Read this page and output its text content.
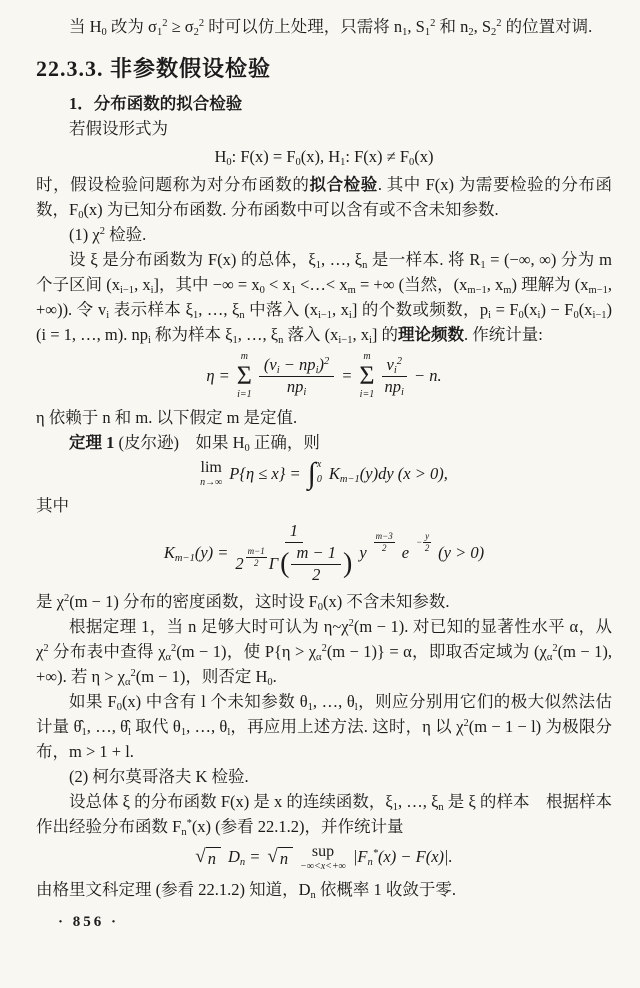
当 $H_0$ 改为 $\sigma_1^2 \ge \sigma_2^2$ 时可以仿上处理，只需将 $n_1$, $S_1^2$ 和 $n_2$, $S_2^2$ 的位置对调.

22.3.3. 非参数假设检验

1．分布函数的拟合检验

若假设形式为

$H_0$: $F(x) = F_0(x)$, $H_1$: $F(x) \ne F_0(x)$

时，假设检验问题称为对分布函数的拟合检验. 其中 F(x) 为需要检验的分布函数，$F_0(x)$ 为已知分布函数. 分布函数中可以含有或不含未知参数.

(1) $\chi^2$ 检验.

设 ξ 是分布函数为 F(x) 的总体，$\xi_1$, …, $\xi_n$ 是一样本. 将 $R_1$ = (−∞, ∞) 分为 m 个子区间 ($x_{i-1}$, $x_i$]，其中 −∞ = $x_0 < x_1$ <…< $x_m$ = +∞ (当然，($x_{m-1}$, $x_m$) 理解为 ($x_{m-1}$, +∞)). 令 $v_i$ 表示样本 $\xi_1$, …, $\xi_n$ 中落入 ($x_{i-1}$, $x_i$] 的个数或频数，$p_i = F_0(x_i) - F_0(x_{i-1}) (i = 1$, …, m). $np_i$ 称为样本 $\xi_1$, …, $\xi_n$ 落入 ($x_{i-1}$, $x_i$] 的理论频数. 作统计量:

η =
m
Σ
$i=1 \frac{(v_i - np_i)^2}{np_i}$ =
m
Σ
$i=1 \frac{v_i^2}{np_i} - n$.

η 依赖于 n 和 m. 以下假定 m 是定值.

定理 1 (皮尔逊)　如果 $H_0$ 正确，则

lim
n→∞ P{η ≤ x} = ∫ x
0 $K_{m-1}(y)dy$ (x > 0),

其中

$K_{m-1}(y)$ =
1
$2 \frac{m-1}{2}$ Γ ( $\frac{m - 1}{2}$ ) y $\frac{m-3}{2}$ e
− $\frac{y}{2} (y > 0)$

是 $\chi^2(m - 1)$ 分布的密度函数，这时设 $F_0(x)$ 不含未知参数.

根据定理 1，当 n 足够大时可认为 $\eta\sim\chi^2(m - 1)$. 对已知的显著性水平 α，从 $\chi^2$ 分布表中查得 $\chi_\alpha^2(m - 1)$，使 $P\{\eta > \chi_\alpha^2(m - 1)\} = \alpha$，即取否定域为 ($\chi_\alpha^2(m - 1)$, +∞). 若 $\eta > \chi_\alpha^2(m - 1)$，则否定 $H_0$.

如果 $F_0(x)$ 中含有 l 个未知参数 $\theta_1$, …, $\theta_l$，则应分别用它们的极大似然法估计量 $\thetâ_1$, …, $\thetâ_l$ 取代 $\theta_1$, …, $\theta_l$，再应用上述方法. 这时，η 以 $\chi^2(m - 1 - l)$ 为极限分布，m > 1 + l.

(2) 柯尔莫哥洛夫 K 检验.

设总体 ξ 的分布函数 F(x) 是 x 的连续函数，$\xi_1$, …, $\xi_n$ 是 ξ 的样本　根据样本作出经验分布函数 $F_n^*(x)$ (参看 22.1.2)，并作统计量

√ n $D_n$ = √ n	sup
−∞<x<+∞ $|F_n^*(x) - F(x)|$.

由格里文科定理 (参看 22.1.2) 知道，$D_n$ 依概率 1 收敛于零.

· 856 ·
